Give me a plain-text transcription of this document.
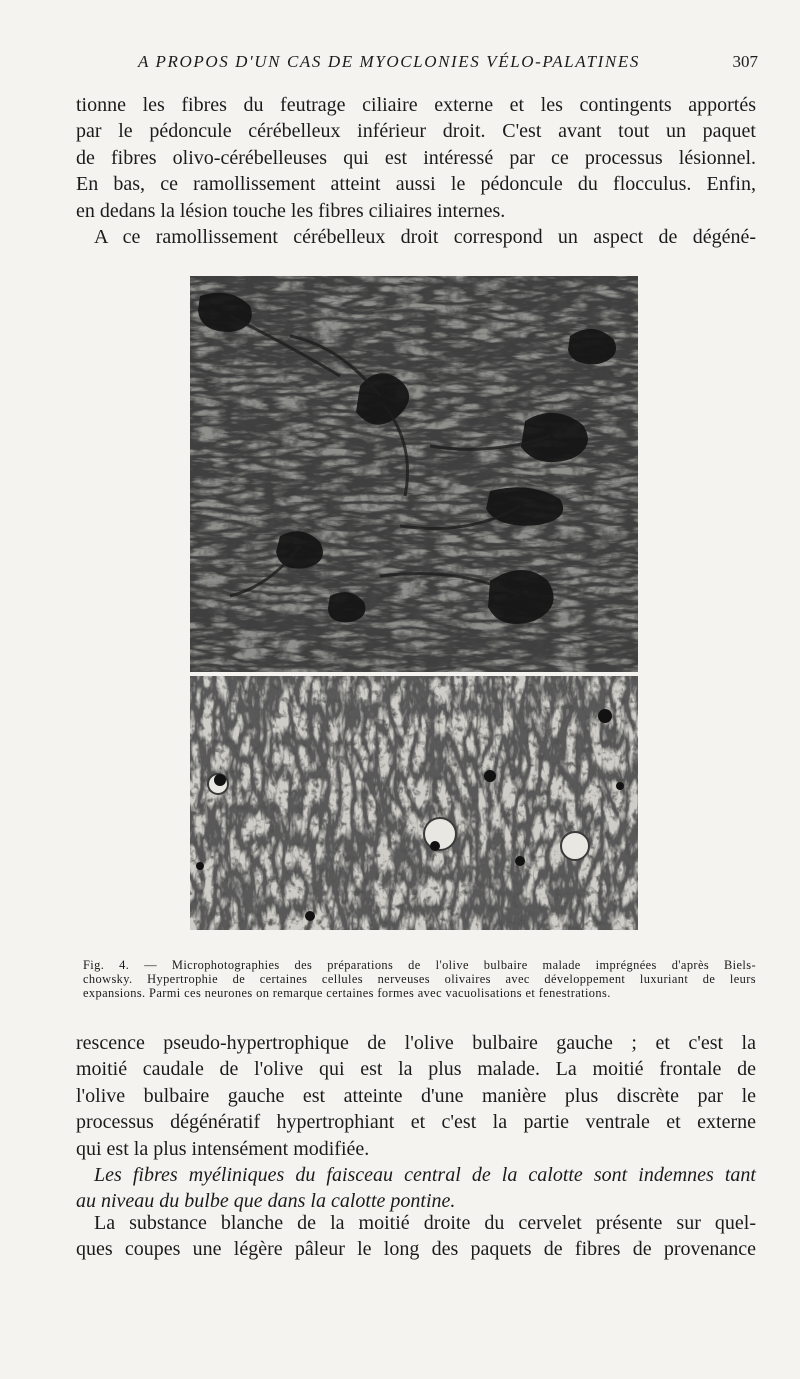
A PROPOS D'UN CAS DE MYOCLONIES VÉLO-PALATINES	307
tionne les fibres du feutrage ciliaire externe et les contingents apportés
par le pédoncule cérébelleux inférieur droit. C'est avant tout un paquet
de fibres olivo-cérébelleuses qui est intéressé par ce processus lésionnel.
En bas, ce ramollissement atteint aussi le pédoncule du flocculus. Enfin,
en dedans la lésion touche les fibres ciliaires internes.
A ce ramollissement cérébelleux droit correspond un aspect de dégéné-
Fig. 4. — Microphotographies des préparations de l'olive bulbaire malade imprégnées d'après Biels-
chowsky. Hypertrophie de certaines cellules nerveuses olivaires avec développement luxuriant de leurs
expansions. Parmi ces neurones on remarque certaines formes avec vacuolisations et fenestrations.
rescence pseudo-hypertrophique de l'olive bulbaire gauche ; et c'est la
moitié caudale de l'olive qui est la plus malade. La moitié frontale de
l'olive bulbaire gauche est atteinte d'une manière plus discrète par le
processus dégénératif hypertrophiant et c'est la partie ventrale et externe
qui est la plus intensément modifiée.
Les fibres myéliniques du faisceau central de la calotte sont indemnes tant
au niveau du bulbe que dans la calotte pontine.
La substance blanche de la moitié droite du cervelet présente sur quel-
ques coupes une légère pâleur le long des paquets de fibres de provenance
